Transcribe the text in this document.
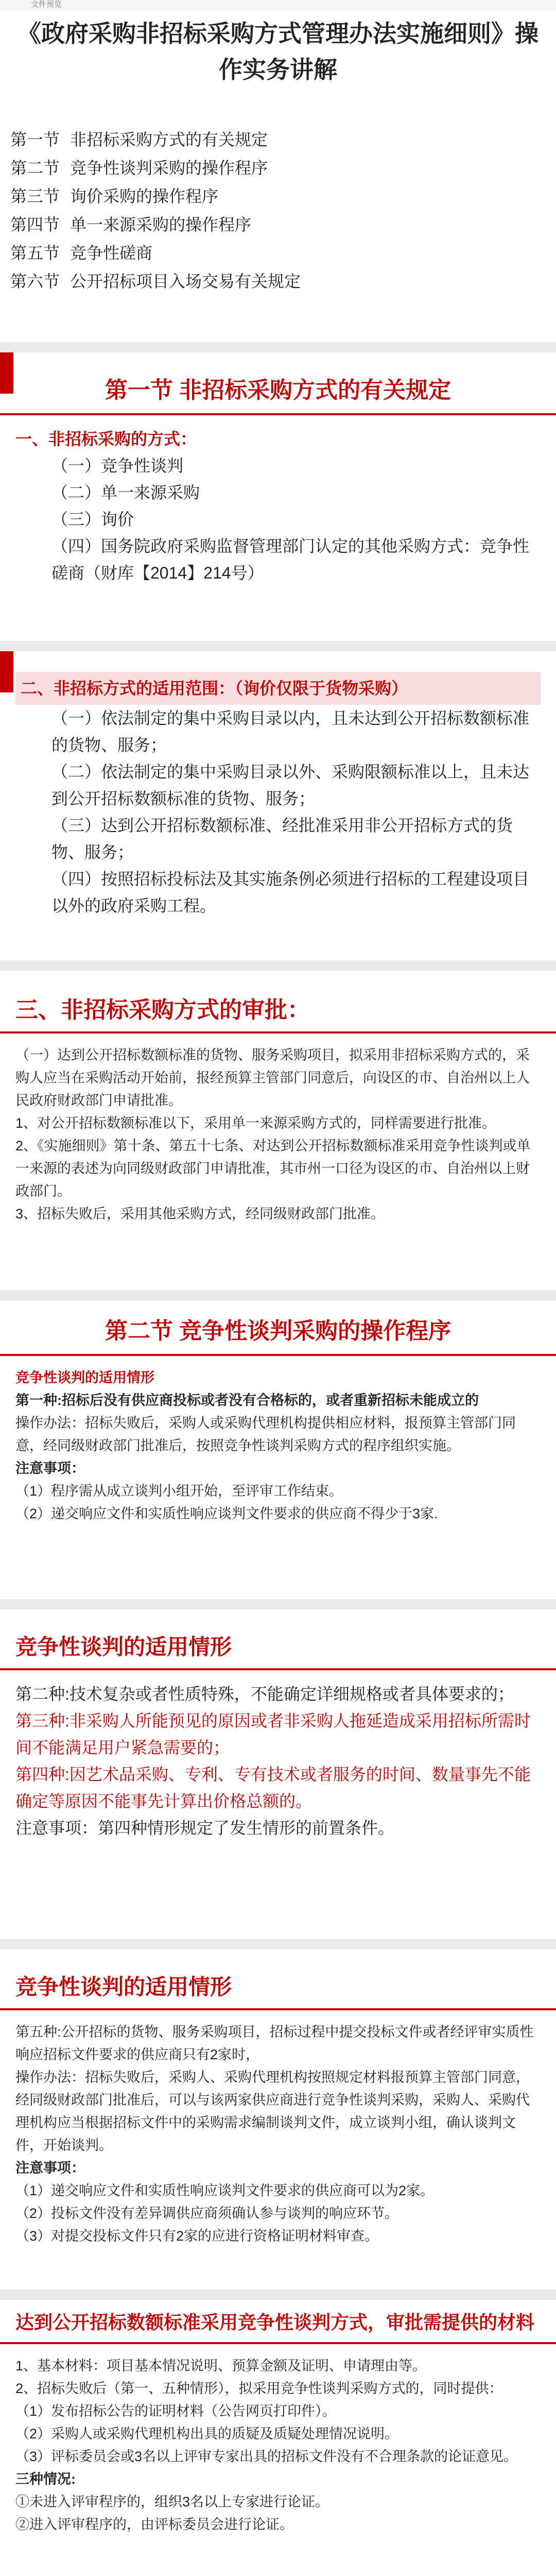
文件预览
《政府采购非招标采购方式管理办法实施细则》操作实务讲解
第一节 非招标采购方式的有关规定
第二节 竞争性谈判采购的操作程序
第三节 询价采购的操作程序
第四节 单一来源采购的操作程序
第五节 竞争性磋商
第六节 公开招标项目入场交易有关规定
第一节 非招标采购方式的有关规定
一、非招标采购的方式：
（一）竞争性谈判
（二）单一来源采购
（三）询价
（四）国务院政府采购监督管理部门认定的其他采购方式：竞争性磋商（财库【2014】214号）
二、非招标方式的适用范围：（询价仅限于货物采购）
（一）依法制定的集中采购目录以内，且未达到公开招标数额标准的货物、服务；
（二）依法制定的集中采购目录以外、采购限额标准以上，且未达到公开招标数额标准的货物、服务；
（三）达到公开招标数额标准、经批准采用非公开招标方式的货物、服务；
（四）按照招标投标法及其实施条例必须进行招标的工程建设项目以外的政府采购工程。
三、非招标采购方式的审批：
（一）达到公开招标数额标准的货物、服务采购项目，拟采用非招标采购方式的，采购人应当在采购活动开始前，报经预算主管部门同意后，向设区的市、自治州以上人民政府财政部门申请批准。
1、对公开招标数额标准以下，采用单一来源采购方式的，同样需要进行批准。
2、《实施细则》第十条、第五十七条、对达到公开招标数额标准采用竞争性谈判或单一来源的表述为向同级财政部门申请批准，其市州一口径为设区的市、自治州以上财政部门。
3、招标失败后，采用其他采购方式，经同级财政部门批准。
第二节 竞争性谈判采购的操作程序
竞争性谈判的适用情形
第一种:招标后没有供应商投标或者没有合格标的，或者重新招标未能成立的
操作办法：招标失败后，采购人或采购代理机构提供相应材料，报预算主管部门同意，经同级财政部门批准后，按照竞争性谈判采购方式的程序组织实施。
注意事项：
（1）程序需从成立谈判小组开始，至评审工作结束。
（2）递交响应文件和实质性响应谈判文件要求的供应商不得少于3家.
竞争性谈判的适用情形
第二种:技术复杂或者性质特殊，不能确定详细规格或者具体要求的；
第三种:非采购人所能预见的原因或者非采购人拖延造成采用招标所需时间不能满足用户紧急需要的；
第四种:因艺术品采购、专利、专有技术或者服务的时间、数量事先不能确定等原因不能事先计算出价格总额的。
注意事项：第四种情形规定了发生情形的前置条件。
竞争性谈判的适用情形
第五种:公开招标的货物、服务采购项目，招标过程中提交投标文件或者经评审实质性响应招标文件要求的供应商只有2家时，
操作办法：招标失败后，采购人、采购代理机构按照规定材料报预算主管部门同意，经同级财政部门批准后，可以与该两家供应商进行竞争性谈判采购，采购人、采购代理机构应当根据招标文件中的采购需求编制谈判文件，成立谈判小组，确认谈判文件，开始谈判。
注意事项：
（1）递交响应文件和实质性响应谈判文件要求的供应商可以为2家。
（2）投标文件没有差异调供应商须确认参与谈判的响应环节。
（3）对提交投标文件只有2家的应进行资格证明材料审查。
达到公开招标数额标准采用竞争性谈判方式，审批需提供的材料
1、基本材料：项目基本情况说明、预算金额及证明、申请理由等。
2、招标失败后（第一、五种情形），拟采用竞争性谈判采购方式的，同时提供：
（1）发布招标公告的证明材料（公告网页打印件）。
（2）采购人或采购代理机构出具的质疑及质疑处理情况说明。
（3）评标委员会或3名以上评审专家出具的招标文件没有不合理条款的论证意见。
三种情况:
①未进入评审程序的，组织3名以上专家进行论证。
②进入评审程序的，由评标委员会进行论证。
